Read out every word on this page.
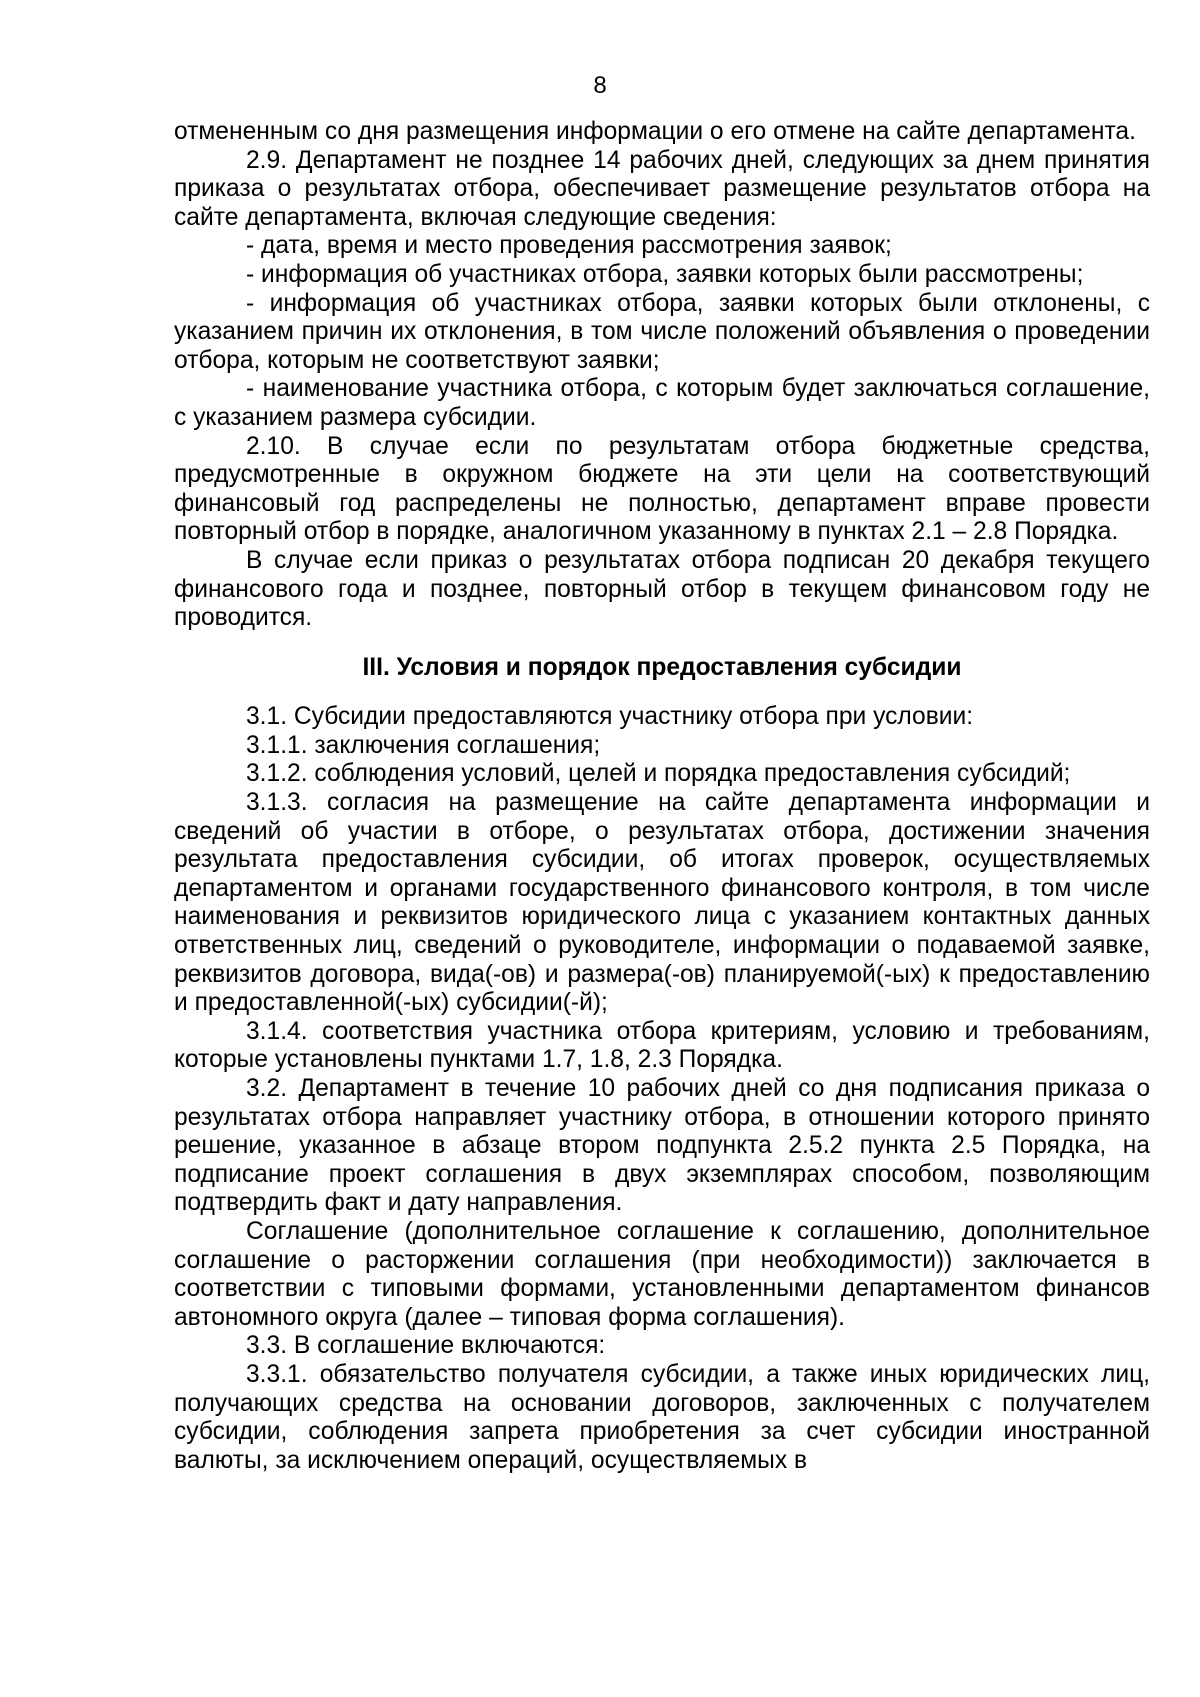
8

отмененным со дня размещения информации о его отмене на сайте департамента.

2.9. Департамент не позднее 14 рабочих дней, следующих за днем принятия приказа о результатах отбора, обеспечивает размещение результатов отбора на сайте департамента, включая следующие сведения:

- дата, время и место проведения рассмотрения заявок;

- информация об участниках отбора, заявки которых были рассмотрены;

- информация об участниках отбора, заявки которых были отклонены, с указанием причин их отклонения, в том числе положений объявления о проведении отбора, которым не соответствуют заявки;

- наименование участника отбора, с которым будет заключаться соглашение, с указанием размера субсидии.

2.10. В случае если по результатам отбора бюджетные средства, предусмотренные в окружном бюджете на эти цели на соответствующий финансовый год распределены не полностью, департамент вправе провести повторный отбор в порядке, аналогичном указанному в пунктах 2.1 – 2.8 Порядка.

В случае если приказ о результатах отбора подписан 20 декабря текущего финансового года и позднее, повторный отбор в текущем финансовом году не проводится.

III. Условия и порядок предоставления субсидии

3.1. Субсидии предоставляются участнику отбора при условии:

3.1.1. заключения соглашения;

3.1.2. соблюдения условий, целей и порядка предоставления субсидий;

3.1.3. согласия на размещение на сайте департамента информации и сведений об участии в отборе, о результатах отбора, достижении значения результата предоставления субсидии, об итогах проверок, осуществляемых департаментом и органами государственного финансового контроля, в том числе наименования и реквизитов юридического лица с указанием контактных данных ответственных лиц, сведений о руководителе, информации о подаваемой заявке, реквизитов договора, вида(-ов) и размера(-ов) планируемой(-ых) к предоставлению и предоставленной(-ых) субсидии(-й);

3.1.4. соответствия участника отбора критериям, условию и требованиям, которые установлены пунктами 1.7, 1.8, 2.3 Порядка.

3.2. Департамент в течение 10 рабочих дней со дня подписания приказа о результатах отбора направляет участнику отбора, в отношении которого принято решение, указанное в абзаце втором подпункта 2.5.2 пункта 2.5 Порядка, на подписание проект соглашения в двух экземплярах способом, позволяющим подтвердить факт и дату направления.

Соглашение (дополнительное соглашение к соглашению, дополнительное соглашение о расторжении соглашения (при необходимости)) заключается в соответствии с типовыми формами, установленными департаментом финансов автономного округа (далее – типовая форма соглашения).

3.3. В соглашение включаются:

3.3.1. обязательство получателя субсидии, а также иных юридических лиц, получающих средства на основании договоров, заключенных с получателем субсидии, соблюдения запрета приобретения за счет субсидии иностранной валюты, за исключением операций, осуществляемых в
